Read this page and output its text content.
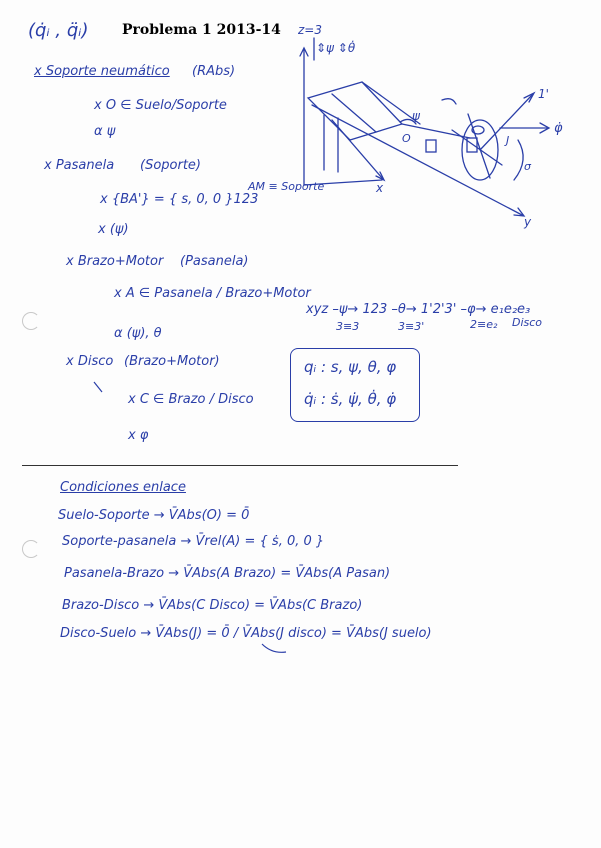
(q̇ᵢ , q̈ᵢ) Problema 1 2013-14 z=3
⇕ψ ⇕θ̇
ψ
φ̇
1'
x
y
O	J
σ
x Soporte neumático (RAbs)
x O ∈ Suelo/Soporte
α ψ
x Pasanela (Soporte)
x {BA'} = { s, 0, 0 }123
AM ≡ Soporte
x (ψ)
x Brazo+Motor (Pasanela)
x A ∈ Pasanela / Brazo+Motor
α (ψ), θ
x Disco (Brazo+Motor)
x C ∈ Brazo / Disco
x φ
xyz –ψ→ 123 –θ→ 1'2'3' –φ→ e₁e₂e₃
3≡3	3≡3'	2≡e₂ Disco
qᵢ : s, ψ, θ, φ
q̇ᵢ : ṡ, ψ̇, θ̇, φ̇
Condiciones enlace
Suelo-Soporte → V̄Abs(O) = 0̄
Soporte-pasanela → V̄rel(A) = { ṡ, 0, 0 }
Pasanela-Brazo → V̄Abs(A Brazo) = V̄Abs(A Pasan)
Brazo-Disco → V̄Abs(C Disco) = V̄Abs(C Brazo)
Disco-Suelo → V̄Abs(J) = 0̄ / V̄Abs(J disco) = V̄Abs(J suelo)
